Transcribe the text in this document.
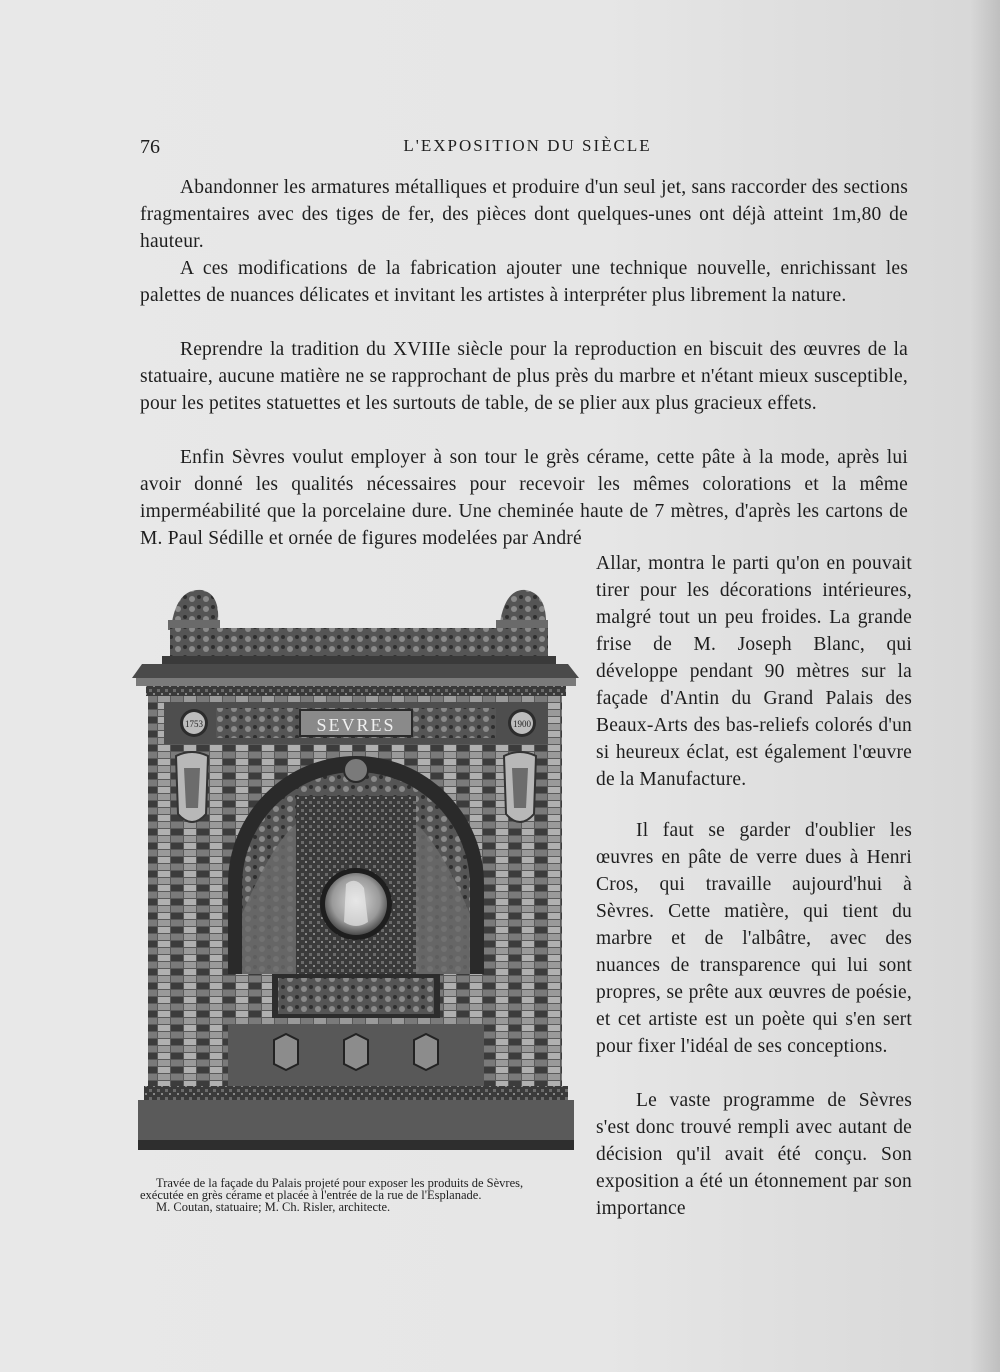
76	L'EXPOSITION DU SIÈCLE

Abandonner les armatures métalliques et produire d'un seul jet, sans raccorder des sections fragmentaires avec des tiges de fer, des pièces dont quelques-unes ont déjà atteint 1m,80 de hauteur.

A ces modifications de la fabrication ajouter une technique nouvelle, enrichissant les palettes de nuances délicates et invitant les artistes à interpréter plus librement la nature.

Reprendre la tradition du XVIIIe siècle pour la reproduction en biscuit des œuvres de la statuaire, aucune matière ne se rapprochant de plus près du marbre et n'étant mieux susceptible, pour les petites statuettes et les surtouts de table, de se plier aux plus gracieux effets.

Enfin Sèvres voulut employer à son tour le grès cérame, cette pâte à la mode, après lui avoir donné les qualités nécessaires pour recevoir les mêmes colorations et la même imperméabilité que la porcelaine dure. Une cheminée haute de 7 mètres, d'après les cartons de M. Paul Sédille et ornée de figures modelées par André

Allar, montra le parti qu'on en pouvait tirer pour les décorations intérieures, malgré tout un peu froides. La grande frise de M. Joseph Blanc, qui développe pendant 90 mètres sur la façade d'Antin du Grand Palais des Beaux-Arts des bas-reliefs colorés d'un si heureux éclat, est également l'œuvre de la Manufacture.

Il faut se garder d'oublier les œuvres en pâte de verre dues à Henri Cros, qui travaille aujourd'hui à Sèvres. Cette matière, qui tient du marbre et de l'albâtre, avec des nuances de transparence qui lui sont propres, se prête aux œuvres de poésie, et cet artiste est un poète qui s'en sert pour fixer l'idéal de ses conceptions.

Le vaste programme de Sèvres s'est donc trouvé rempli avec autant de décision qu'il avait été conçu. Son exposition a été un étonnement par son importance

SEVRES
1753	1900

Travée de la façade du Palais projeté pour exposer les produits de Sèvres,

exécutée en grès cérame et placée à l'entrée de la rue de l'Esplanade.

M. Coutan, statuaire; M. Ch. Risler, architecte.
